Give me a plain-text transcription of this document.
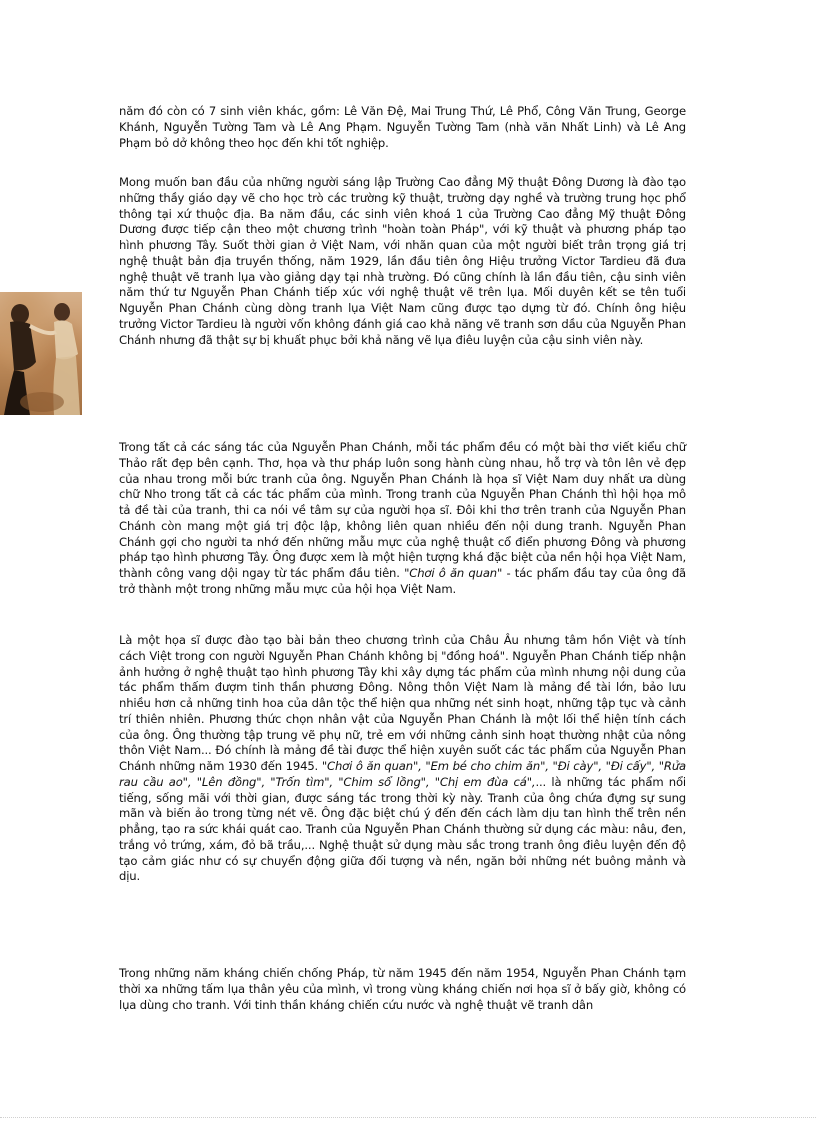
năm đó còn có 7 sinh viên khác, gồm: Lê Văn Đệ, Mai Trung Thứ, Lê Phổ, Công Văn Trung, George Khánh, Nguyễn Tường Tam và Lê Ang Phạm. Nguyễn Tường Tam (nhà văn Nhất Linh) và Lê Ang Phạm bỏ dở không theo học đến khi tốt nghiệp.

Mong muốn ban đầu của những người sáng lập Trường Cao đẳng Mỹ thuật Đông Dương là đào tạo những thầy giáo dạy vẽ cho học trò các trường kỹ thuật, trường dạy nghề và trường trung học phổ thông tại xứ thuộc địa. Ba năm đầu, các sinh viên khoá 1 của Trường Cao đẳng Mỹ thuật Đông Dương được tiếp cận theo một chương trình "hoàn toàn Pháp", với kỹ thuật và phương pháp tạo hình phương Tây. Suốt thời gian ở Việt Nam, với nhãn quan của một người biết trân trọng giá trị nghệ thuật bản địa truyền thống, năm 1929, lần đầu tiên ông Hiệu trưởng Victor Tardieu đã đưa nghệ thuật vẽ tranh lụa vào giảng dạy tại nhà trường. Đó cũng chính là lần đầu tiên, cậu sinh viên năm thứ tư Nguyễn Phan Chánh tiếp xúc với nghệ thuật vẽ trên lụa. Mối duyên kết se tên tuổi Nguyễn Phan Chánh cùng dòng tranh lụa Việt Nam cũng được tạo dựng từ đó. Chính ông hiệu trưởng Victor Tardieu là người vốn không đánh giá cao khả năng vẽ tranh sơn dầu của Nguyễn Phan Chánh nhưng đã thật sự bị khuất phục bởi khả năng vẽ lụa điêu luyện của cậu sinh viên này.

Trong tất cả các sáng tác của Nguyễn Phan Chánh, mỗi tác phẩm đều có một bài thơ viết kiểu chữ Thảo rất đẹp bên cạnh. Thơ, họa và thư pháp luôn song hành cùng nhau, hỗ trợ và tôn lên vẻ đẹp của nhau trong mỗi bức tranh của ông. Nguyễn Phan Chánh là họa sĩ Việt Nam duy nhất ưa dùng chữ Nho trong tất cả các tác phẩm của mình. Trong tranh của Nguyễn Phan Chánh thì hội họa mô tả đề tài của tranh, thi ca nói về tâm sự của người họa sĩ. Đôi khi thơ trên tranh của Nguyễn Phan Chánh còn mang một giá trị độc lập, không liên quan nhiều đến nội dung tranh. Nguyễn Phan Chánh gợi cho người ta nhớ đến những mẫu mực của nghệ thuật cổ điển phương Đông và phương pháp tạo hình phương Tây. Ông được xem là một hiện tượng khá đặc biệt của nền hội họa Việt Nam, thành công vang dội ngay từ tác phẩm đầu tiên. "Chơi ô ăn quan" - tác phẩm đầu tay của ông đã trở thành một trong những mẫu mực của hội họa Việt Nam.

Là một họa sĩ được đào tạo bài bản theo chương trình của Châu Âu nhưng tâm hồn Việt và tính cách Việt trong con người Nguyễn Phan Chánh không bị "đồng hoá". Nguyễn Phan Chánh tiếp nhận ảnh hưởng ở nghệ thuật tạo hình phương Tây khi xây dựng tác phẩm của mình nhưng nội dung của tác phẩm thấm đượm tinh thần phương Đông. Nông thôn Việt Nam là mảng đề tài lớn, bảo lưu nhiều hơn cả những tinh hoa của dân tộc thể hiện qua những nét sinh hoạt, những tập tục và cảnh trí thiên nhiên. Phương thức chọn nhân vật của Nguyễn Phan Chánh là một lối thể hiện tính cách của ông. Ông thường tập trung vẽ phụ nữ, trẻ em với những cảnh sinh hoạt thường nhật của nông thôn Việt Nam... Đó chính là mảng đề tài được thể hiện xuyên suốt các tác phẩm của Nguyễn Phan Chánh những năm 1930 đến 1945. "Chơi ô ăn quan", "Em bé cho chim ăn", "Đi cày", "Đi cấy", "Rửa rau cầu ao", "Lên đồng", "Trốn tìm", "Chim sổ lồng", "Chị em đùa cá",... là những tác phẩm nổi tiếng, sống mãi với thời gian, được sáng tác trong thời kỳ này. Tranh của ông chứa đựng sự sung mãn và biến ảo trong từng nét vẽ. Ông đặc biệt chú ý đến đến cách làm dịu tan hình thể trên nền phẳng, tạo ra sức khái quát cao. Tranh của Nguyễn Phan Chánh thường sử dụng các màu: nâu, đen, trắng vỏ trứng, xám, đỏ bã trầu,... Nghệ thuật sử dụng màu sắc trong tranh ông điêu luyện đến độ tạo cảm giác như có sự chuyển động giữa đối tượng và nền, ngăn bởi những nét buông mảnh và dịu.

Trong những năm kháng chiến chống Pháp, từ năm 1945 đến năm 1954, Nguyễn Phan Chánh tạm thời xa những tấm lụa thân yêu của mình, vì trong vùng kháng chiến nơi họa sĩ ở bấy giờ, không có lụa dùng cho tranh. Với tinh thần kháng chiến cứu nước và nghệ thuật vẽ tranh dân
